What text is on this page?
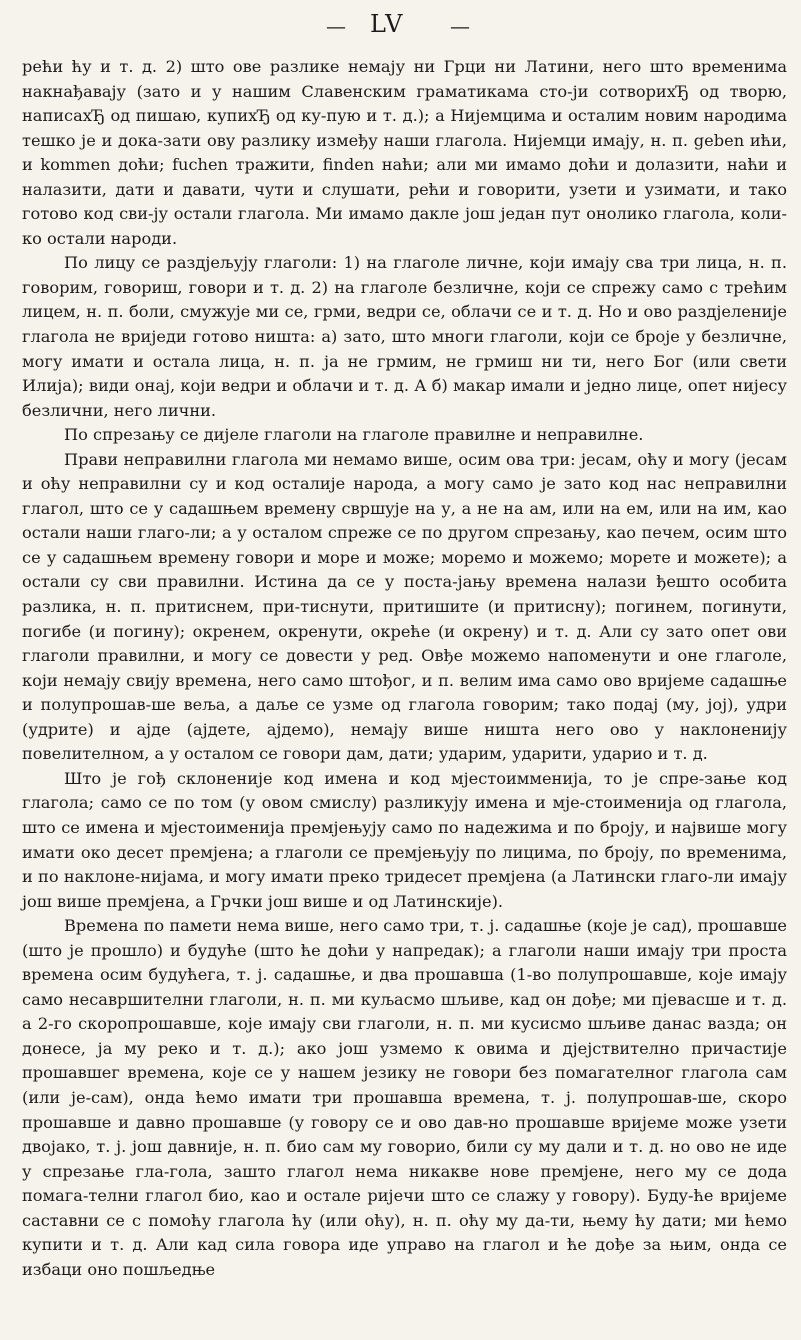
— LV —

рећи ћу и т. д. 2) што ове разлике немају ни Грци ни Латини, него што временима накнађавају (зато и у нашим Славенским граматикама сто-ји сотворихЂ од творю, написахЂ од пишаю, купихЂ од ку-пую и т. д.); а Нијемцима и осталим новим народима тешко је и дока-зати ову разлику између наши глагола. Нијемци имају, н. п. geben ићи, и kommen доћи; fuchen тражити, finden наћи; али ми имамо доћи и долазити, наћи и налазити, дати и давати, чути и слушати, рећи и говорити, узети и узимати, и тако готово код сви-ју остали глагола. Ми имамо дакле још један пут онолико глагола, коли-ко остали народи.

По лицу се раздјељују глаголи: 1) на глаголе личне, који имају сва три лица, н. п. говорим, говориш, говори и т. д. 2) на глаголе безличне, који се спрежу само с трећим лицем, н. п. боли, смужује ми се, грми, ведри се, облачи се и т. д. Но и ово раздјеленије глагола не вриједи готово ништа: а) зато, што многи глаголи, који се броје у безличне, могу имати и остала лица, н. п. ја не грмим, не грмиш ни ти, него Бог (или свети Илија); види онај, који ведри и облачи и т. д. А б) макар имали и једно лице, опет нијесу безлични, него лични.

По спрезању се дијеле глаголи на глаголе правилне и неправилне.

Прави неправилни глагола ми немамо више, осим ова три: јесам, оћу и могу (јесам и оћу неправилни су и код осталије народа, а могу само је зато код нас неправилни глагол, што се у садашњем времену свршује на у, а не на ам, или на ем, или на им, као остали наши глаго-ли; а у осталом спреже се по другом спрезању, као печем, осим што се у садашњем времену говори и море и може; моремо и можемо; морете и можете); а остали су сви правилни. Истина да се у поста-јању времена налази ђешто особита разлика, н. п. притиснем, при-тиснути, притишите (и притисну); погинем, погинути, погибе (и погину); окренем, окренути, окреће (и окрену) и т. д. Али су зато опет ови глаголи правилни, и могу се довести у ред. Овђе можемо напоменути и оне глаголе, који немају свију времена, него само штођог, и п. велим има само ово вријеме садашње и полупрошав-ше веља, а даље се узме од глагола говорим; тако подај (му, јој), удри (удрите) и ајде (ајдете, ајдемо), немају више ништа него ово у наклоненију повелителном, а у осталом се говори дам, дати; ударим, ударити, ударио и т. д.

Што је гођ склоненије код имена и код мјестоимменија, то је спре-зање код глагола; само се по том (у овом смислу) разликују имена и мје-стоименија од глагола, што се имена и мјестоименија премјењују само по надежима и по броју, и највише могу имати око десет премјена; а глаголи се премјењују по лицима, по броју, по временима, и по наклоне-нијама, и могу имати преко тридесет премјена (а Латински глаго-ли имају још више премјена, а Грчки још више и од Латинскије).

Времена по памети нема више, него само три, т. ј. садашње (које је сад), прошавше (што је прошло) и будуће (што ће доћи у напредак); а глаголи наши имају три проста времена осим будућега, т. ј. садашње, и два прошавша (1-во полупрошавше, које имају само несавршителни глаголи, н. п. ми куљасмо шљиве, кад он дође; ми пјевасше и т. д. а 2-го скоропрошавше, које имају сви глаголи, н. п. ми кусисмо шљиве данас вазда; он донесе, ја му реко и т. д.); ако још узмемо к овима и дјејствително причастије прошавшег времена, које се у нашем језику не говори без помагателног глагола сам (или је-сам), онда ћемо имати три прошавша времена, т. ј. полупрошав-ше, скоро прошавше и давно прошавше (у говору се и ово дав-но прошавше вријеме може узети двојако, т. ј. још давније, н. п. био сам му говорио, били су му дали и т. д. но ово не иде у спрезање гла-гола, зашто глагол нема никакве нове премјене, него му се дода помага-телни глагол био, као и остале ријечи што се слажу у говору). Буду-ће вријеме саставни се с помоћу глагола ћу (или оћу), н. п. оћу му да-ти, њему ћу дати; ми ћемо купити и т. д. Али кад сила говора иде управо на глагол и ће дође за њим, онда се избаци оно пошљедње
